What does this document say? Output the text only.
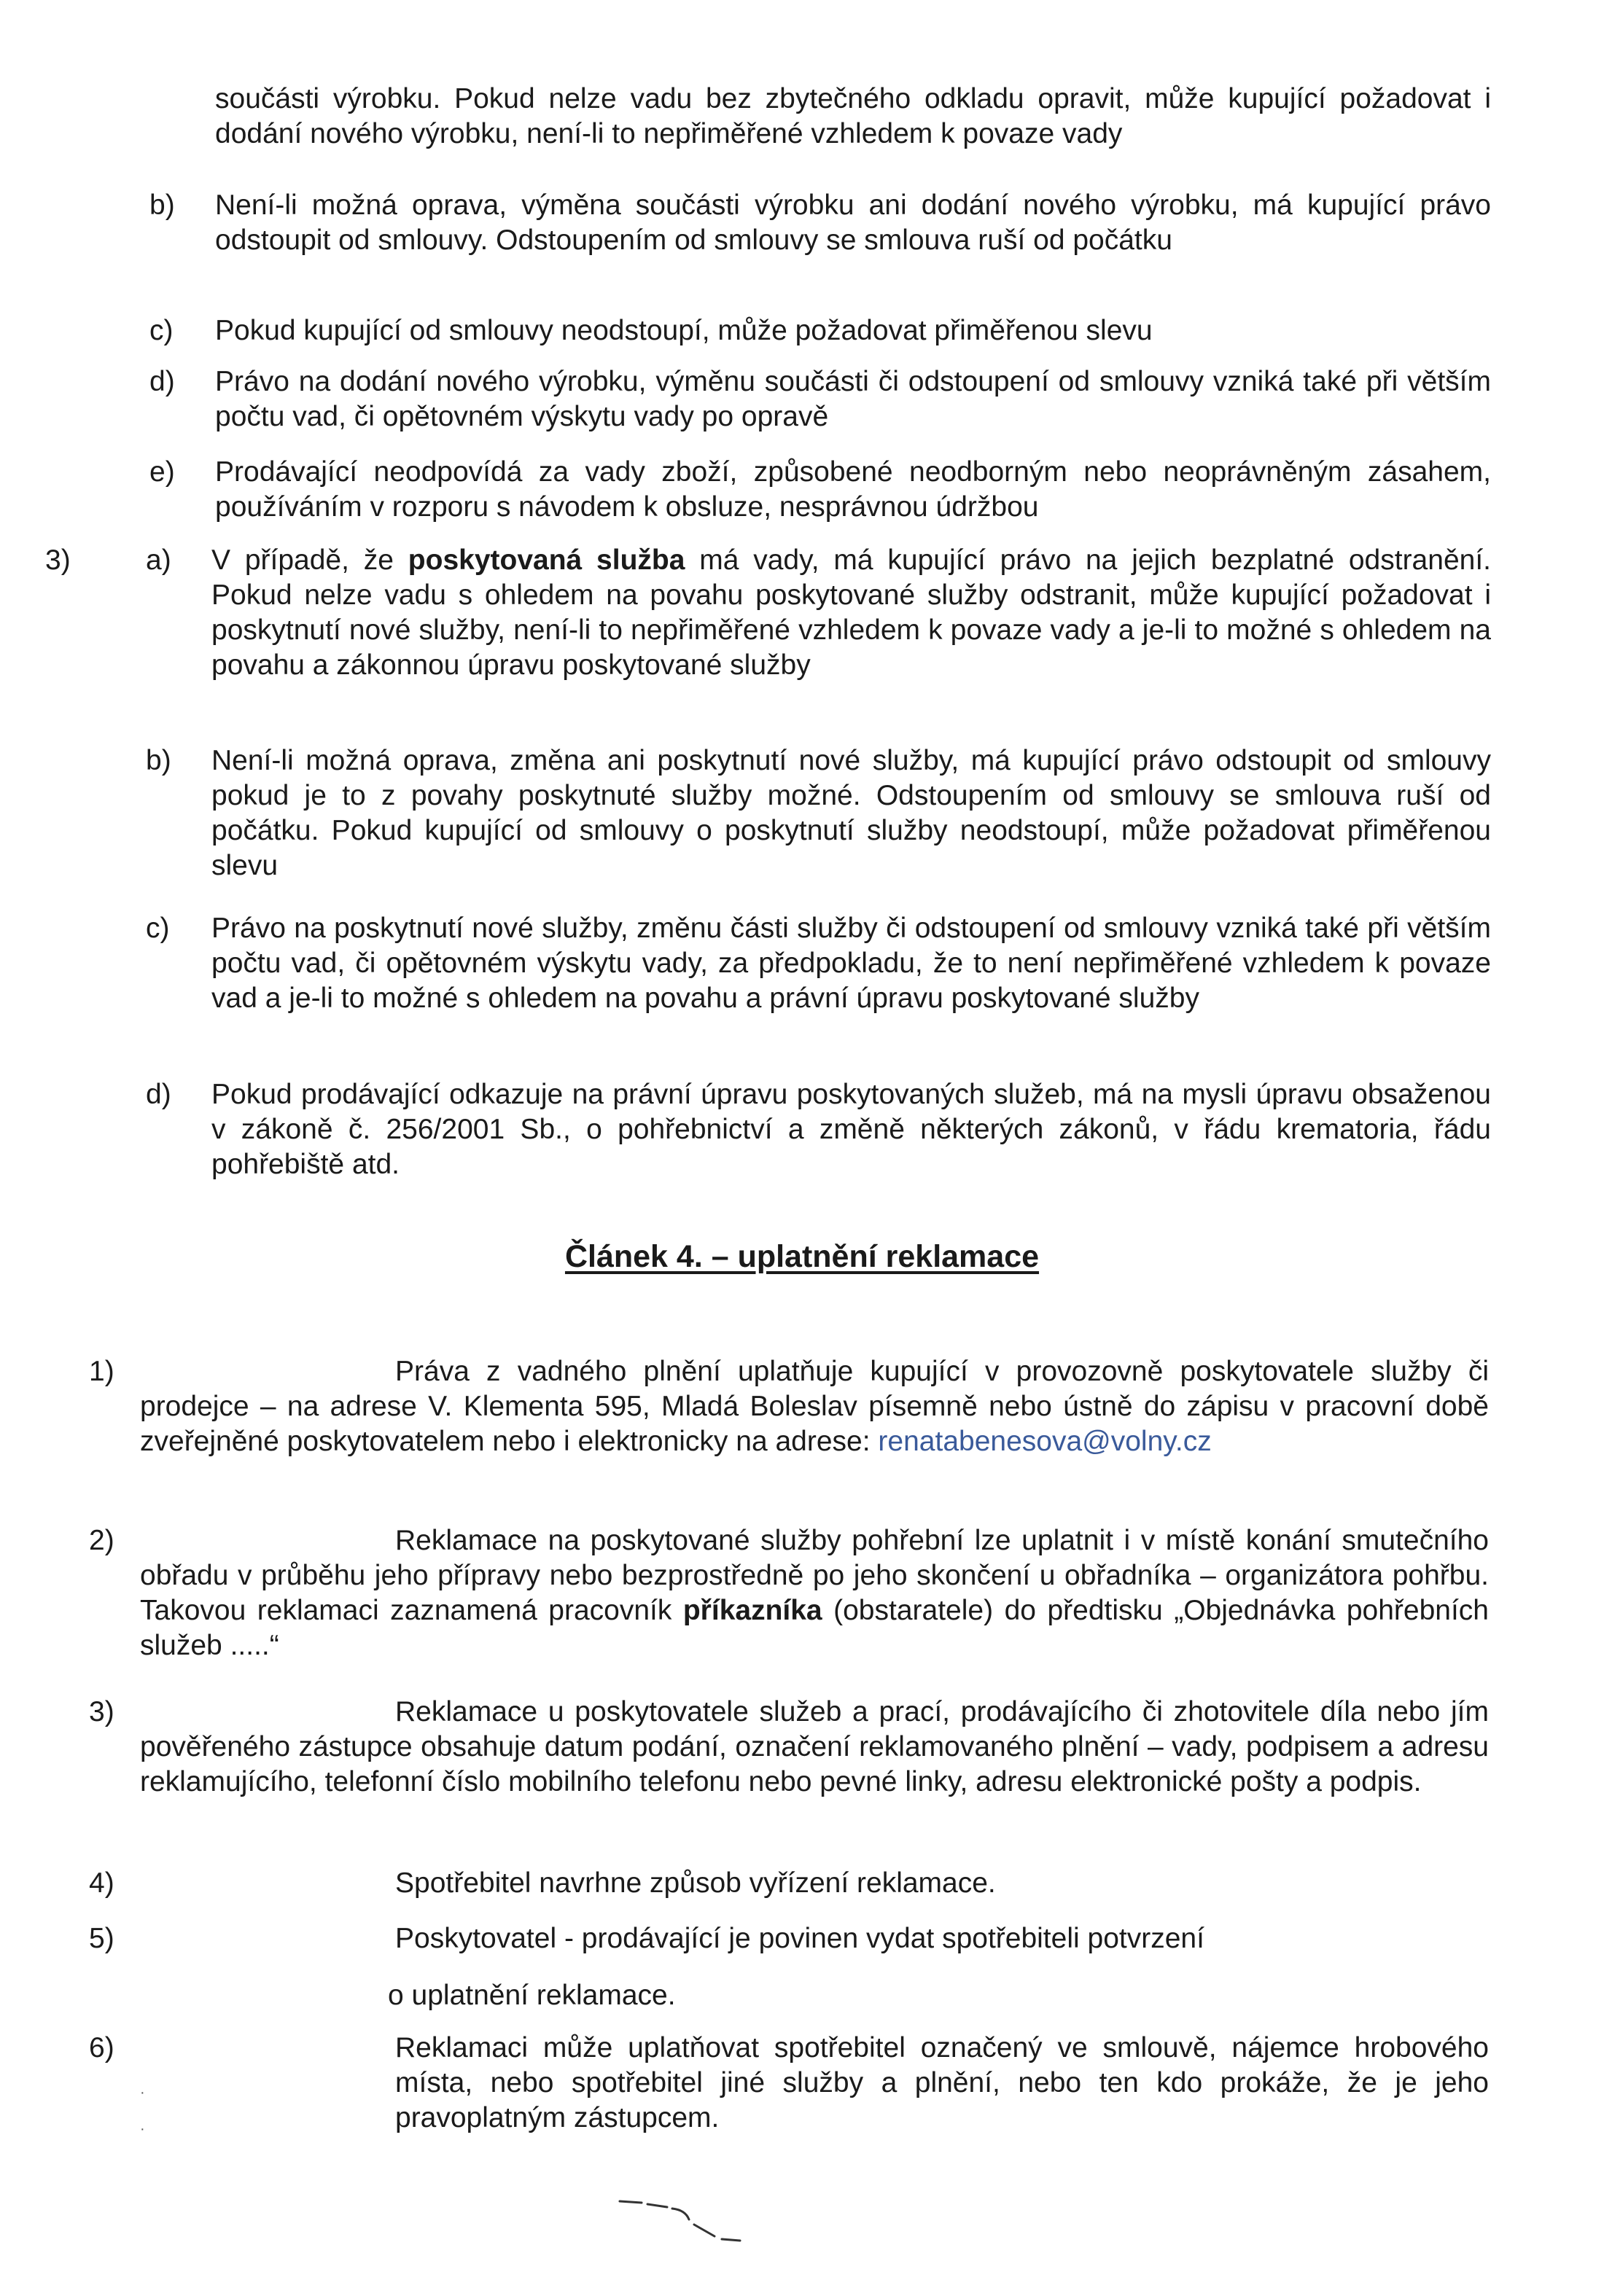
součásti výrobku. Pokud nelze vadu bez zbytečného odkladu opravit, může kupující požadovat i dodání nového výrobku, není-li to nepřiměřené vzhledem k povaze vady
b) Není-li možná oprava, výměna součásti výrobku ani dodání nového výrobku, má kupující právo odstoupit od smlouvy. Odstoupením od smlouvy se smlouva ruší od počátku
c) Pokud kupující od smlouvy neodstoupí, může požadovat přiměřenou slevu
d) Právo na dodání nového výrobku, výměnu součásti či odstoupení od smlouvy vzniká také při větším počtu vad, či opětovném výskytu vady po opravě
e) Prodávající neodpovídá za vady zboží, způsobené neodborným nebo neoprávněným zásahem, používáním v rozporu s návodem k obsluze, nesprávnou údržbou
3)	a) V případě, že poskytovaná služba má vady, má kupující právo na jejich bezplatné odstranění. Pokud nelze vadu s ohledem na povahu poskytované služby odstranit, může kupující požadovat i poskytnutí nové služby, není-li to nepřiměřené vzhledem k povaze vady a je-li to možné s ohledem na povahu a zákonnou úpravu poskytované služby
b) Není-li možná oprava, změna ani poskytnutí nové služby, má kupující právo odstoupit od smlouvy pokud je to z povahy poskytnuté služby možné. Odstoupením od smlouvy se smlouva ruší od počátku. Pokud kupující od smlouvy o poskytnutí služby neodstoupí, může požadovat přiměřenou slevu
c) Právo na poskytnutí nové služby, změnu části služby či odstoupení od smlouvy vzniká také při větším počtu vad, či opětovném výskytu vady, za předpokladu, že to není nepřiměřené vzhledem k povaze vad a je-li to možné s ohledem na povahu a právní úpravu poskytované služby
d) Pokud prodávající odkazuje na právní úpravu poskytovaných služeb, má na mysli úpravu obsaženou v zákoně č. 256/2001 Sb., o pohřebnictví a změně některých zákonů, v řádu krematoria, řádu pohřebiště atd.
Článek 4. – uplatnění reklamace
1)	Práva z vadného plnění uplatňuje kupující v provozovně poskytovatele služby či prodejce – na adrese V. Klementa 595, Mladá Boleslav písemně nebo ústně do zápisu v pracovní době zveřejněné poskytovatelem nebo i elektronicky na adrese: renatabenesova@volny.cz
2)	Reklamace na poskytované služby pohřební lze uplatnit i v místě konání smutečního obřadu v průběhu jeho přípravy nebo bezprostředně po jeho skončení u obřadníka – organizátora pohřbu. Takovou reklamaci zaznamená pracovník příkazníka (obstaratele) do předtisku „Objednávka pohřebních služeb .....“
3)	Reklamace u poskytovatele služeb a prací, prodávajícího či zhotovitele díla nebo jím pověřeného zástupce obsahuje datum podání, označení reklamovaného plnění – vady, podpisem a adresu reklamujícího, telefonní číslo mobilního telefonu nebo pevné linky, adresu elektronické pošty a podpis.
4)	Spotřebitel navrhne způsob vyřízení reklamace.
5)	Poskytovatel - prodávající je povinen vydat spotřebiteli potvrzení
o uplatnění reklamace.
6)	Reklamaci může uplatňovat spotřebitel označený ve smlouvě, nájemce hrobového místa, nebo spotřebitel jiné služby a plnění, nebo ten kdo prokáže, že je jeho pravoplatným zástupcem.
·
·
